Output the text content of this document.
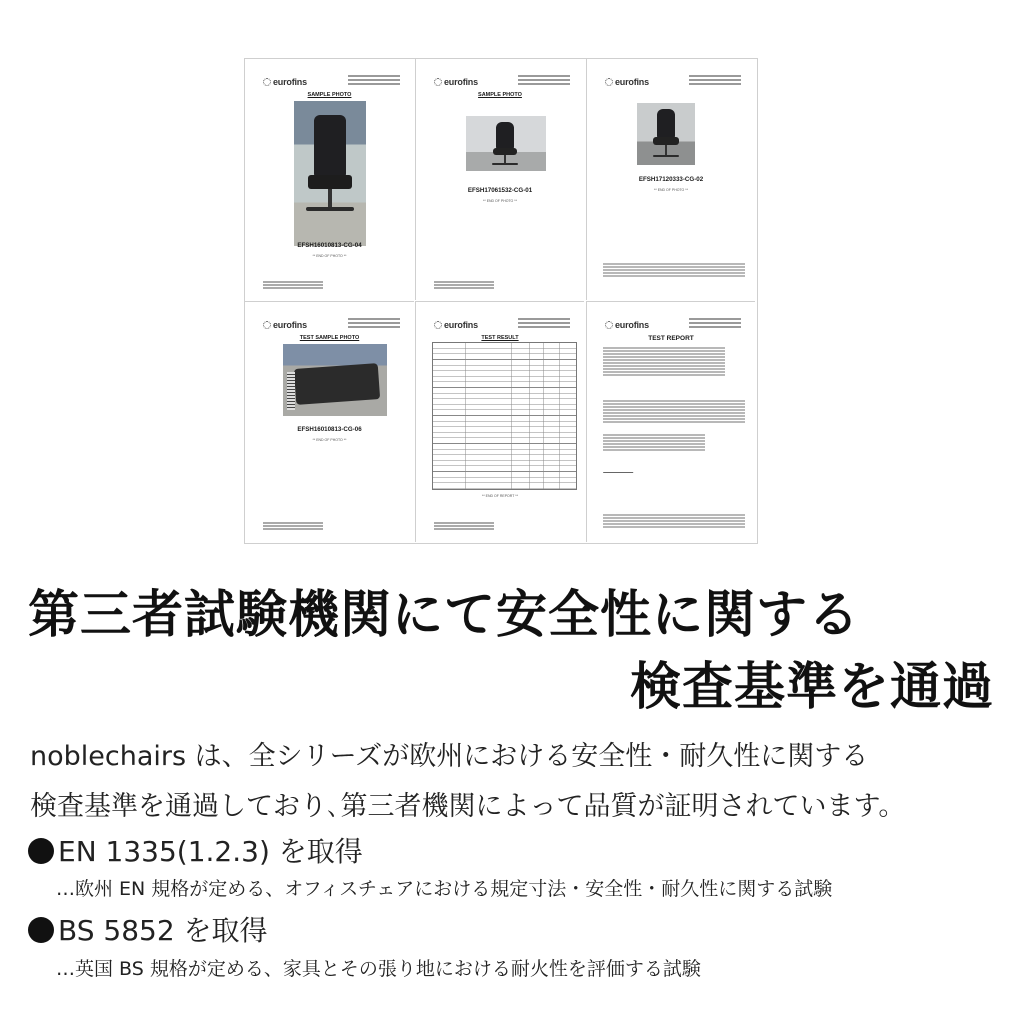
eurofins
SAMPLE PHOTO
EFSH16010813-CG-04
** END OF PHOTO **
eurofins
SAMPLE PHOTO
EFSH17061532-CG-01
** END OF PHOTO **
eurofins
EFSH17120333-CG-02
** END OF PHOTO **
eurofins
TEST SAMPLE PHOTO
EFSH16010813-CG-06
** END OF PHOTO **
eurofins
TEST RESULT
** END OF REPORT **
eurofins
TEST REPORT
第三者試験機関にて安全性に関する
検査基準を通過
noblechairs は、全シリーズが欧州における安全性・耐久性に関する
検査基準を通過しており､第三者機関によって品質が証明されています。
EN 1335(1.2.3) を取得
…欧州 EN 規格が定める、オフィスチェアにおける規定寸法・安全性・耐久性に関する試験
BS 5852 を取得
…英国 BS 規格が定める、家具とその張り地における耐火性を評価する試験
